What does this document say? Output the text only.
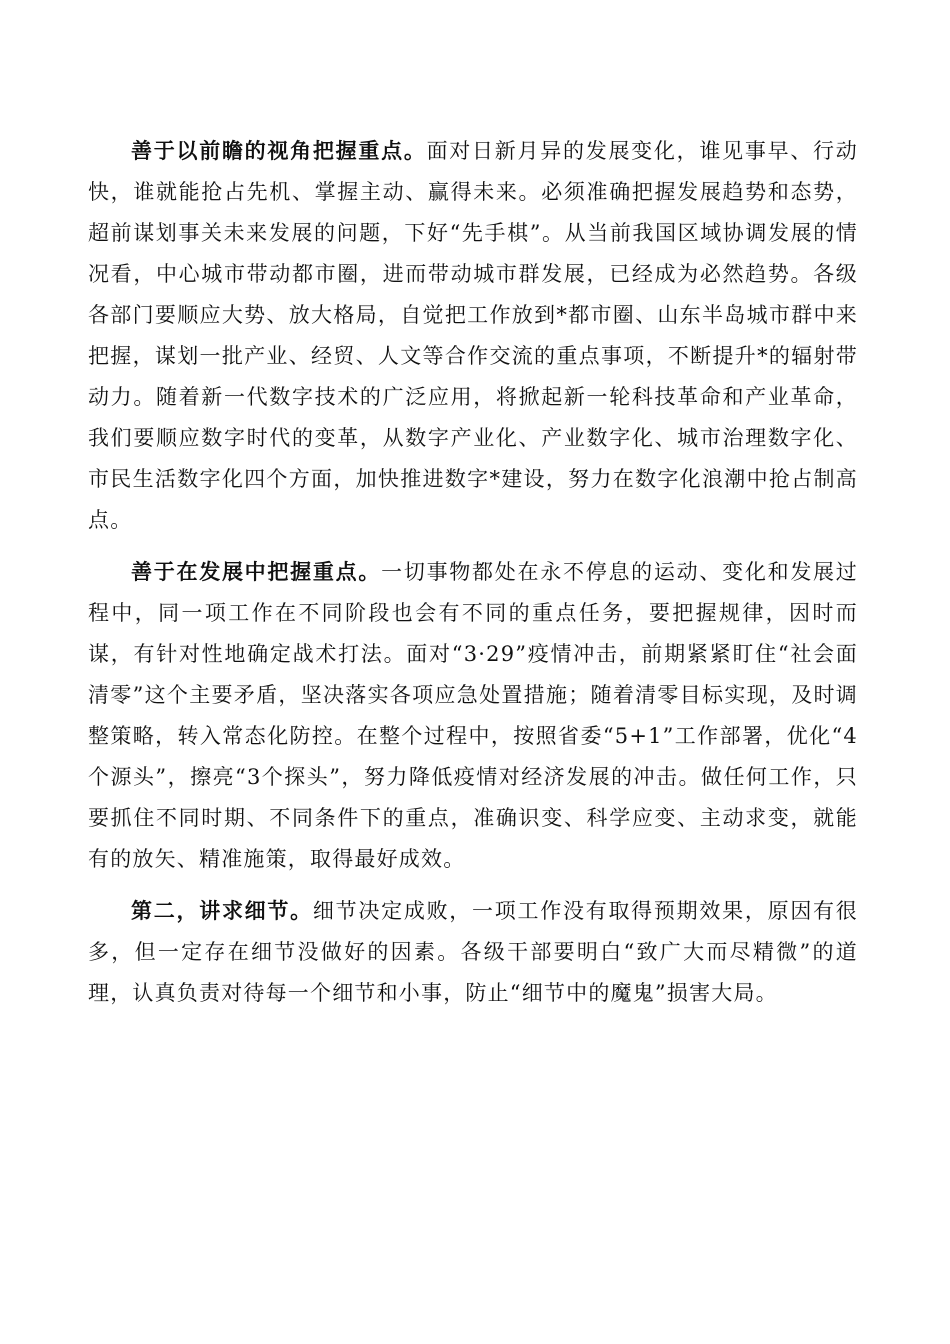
善于以前瞻的视角把握重点。面对日新月异的发展变化，谁见事早、行动快，谁就能抢占先机、掌握主动、赢得未来。必须准确把握发展趋势和态势，超前谋划事关未来发展的问题，下好“先手棋”。从当前我国区域协调发展的情况看，中心城市带动都市圈，进而带动城市群发展，已经成为必然趋势。各级各部门要顺应大势、放大格局，自觉把工作放到*都市圈、山东半岛城市群中来把握，谋划一批产业、经贸、人文等合作交流的重点事项，不断提升*的辐射带动力。随着新一代数字技术的广泛应用，将掀起新一轮科技革命和产业革命，我们要顺应数字时代的变革，从数字产业化、产业数字化、城市治理数字化、市民生活数字化四个方面，加快推进数字*建设，努力在数字化浪潮中抢占制高点。

善于在发展中把握重点。一切事物都处在永不停息的运动、变化和发展过程中，同一项工作在不同阶段也会有不同的重点任务，要把握规律，因时而谋，有针对性地确定战术打法。面对“3·29”疫情冲击，前期紧紧盯住“社会面清零”这个主要矛盾，坚决落实各项应急处置措施；随着清零目标实现，及时调整策略，转入常态化防控。在整个过程中，按照省委“5+1”工作部署，优化“4个源头”，擦亮“3个探头”，努力降低疫情对经济发展的冲击。做任何工作，只要抓住不同时期、不同条件下的重点，准确识变、科学应变、主动求变，就能有的放矢、精准施策，取得最好成效。

第二，讲求细节。细节决定成败，一项工作没有取得预期效果，原因有很多，但一定存在细节没做好的因素。各级干部要明白“致广大而尽精微”的道理，认真负责对待每一个细节和小事，防止“细节中的魔鬼”损害大局。
